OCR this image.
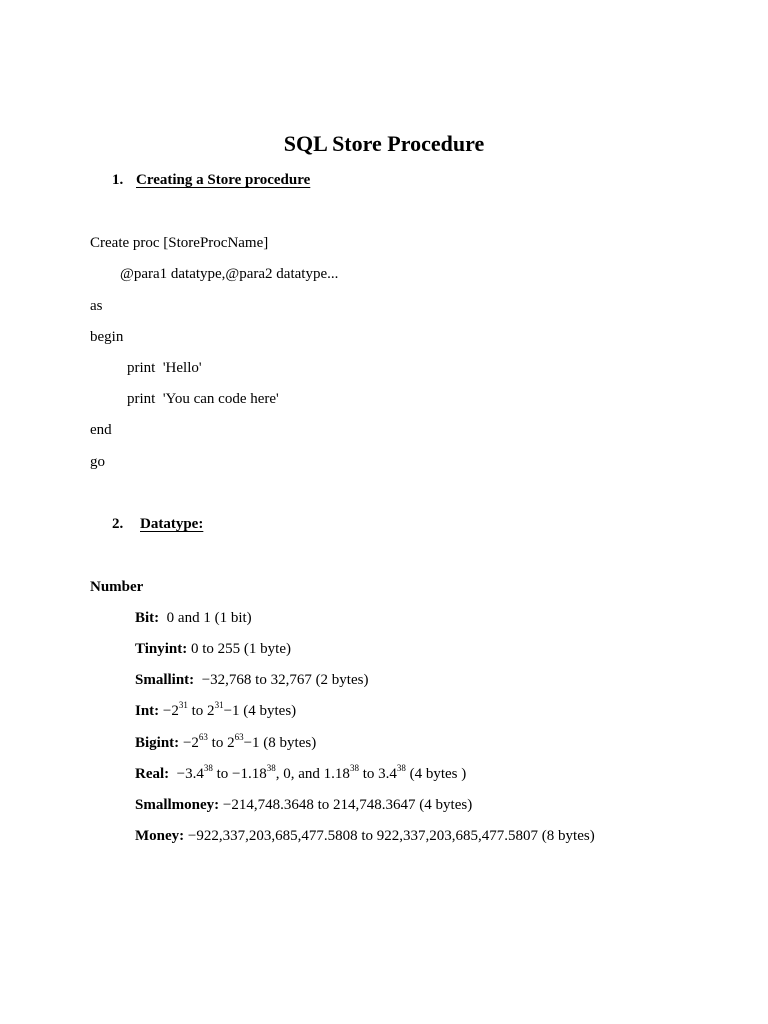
SQL Store Procedure
1. Creating a Store procedure
Create proc [StoreProcName]
@para1 datatype,@para2 datatype...
as
begin
print  'Hello'
print  'You can code here'
end
go
2. Datatype:
Number
Bit: 0 and 1 (1 bit)
Tinyint: 0 to 255 (1 byte)
Smallint: −32,768 to 32,767 (2 bytes)
Int: $-2^{31}$ to $2^{31}-1$ (4 bytes)
Bigint: $-2^{63}$ to $2^{63}-1$ (8 bytes)
Real: $-3.4^{38}$ to $-1.18^{38}$, 0, and 1.18$^{38}$ to $3.4^{38}$ (4 bytes )
Smallmoney: −214,748.3648 to 214,748.3647 (4 bytes)
Money: −922,337,203,685,477.5808 to 922,337,203,685,477.5807 (8 bytes)
